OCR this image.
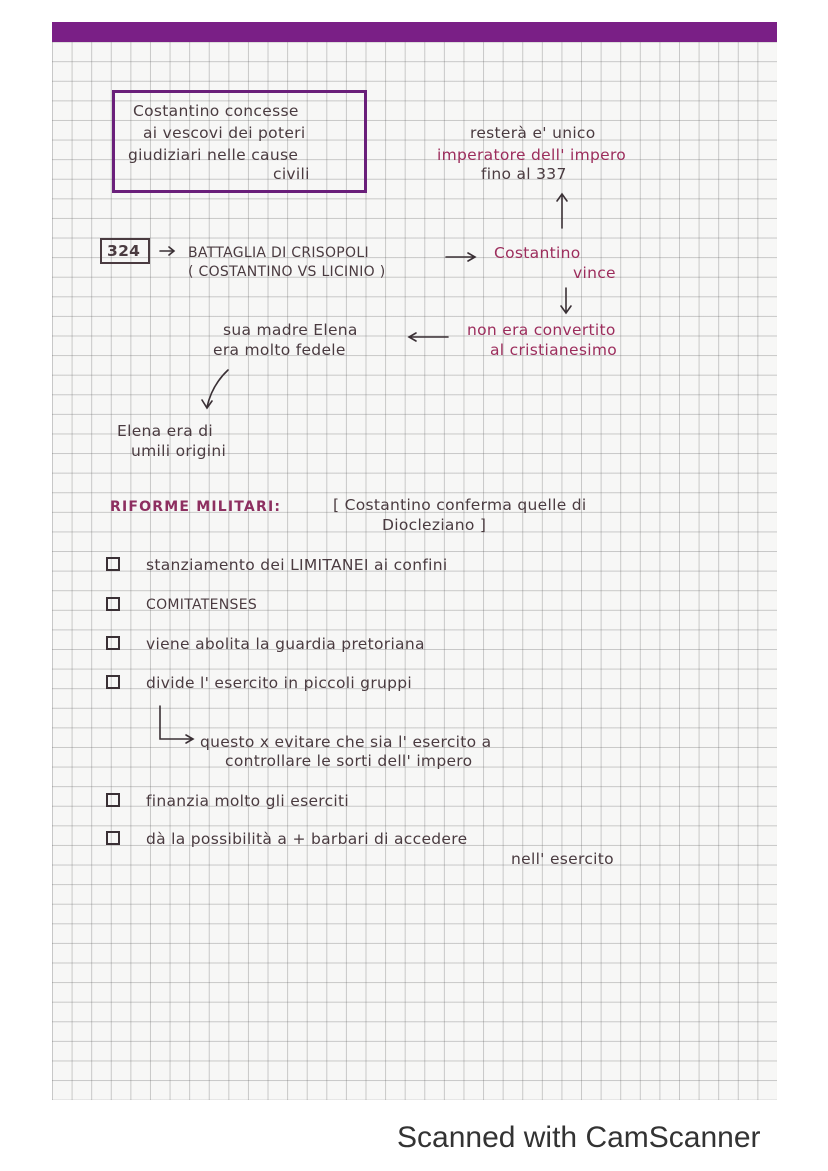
Costantino concesse
ai vescovi dei poteri
giudiziari nelle cause
civili
resterà e' unico
imperatore dell' impero
fino al 337
324	BATTAGLIA DI CRISOPOLI
( COSTANTINO VS LICINIO )
Costantino
vince
non era convertito
al cristianesimo
sua madre Elena
era molto fedele
Elena era di
umili origini
RIFORME MILITARI:	[ Costantino conferma quelle di
Diocleziano ]
stanziamento dei LIMITANEI ai confini
COMITATENSES
viene abolita la guardia pretoriana
divide l' esercito in piccoli gruppi
questo x evitare che sia l' esercito a
controllare le sorti dell' impero
finanzia molto gli eserciti
dà la possibilità a + barbari di accedere
nell' esercito
Scanned with CamScanner
